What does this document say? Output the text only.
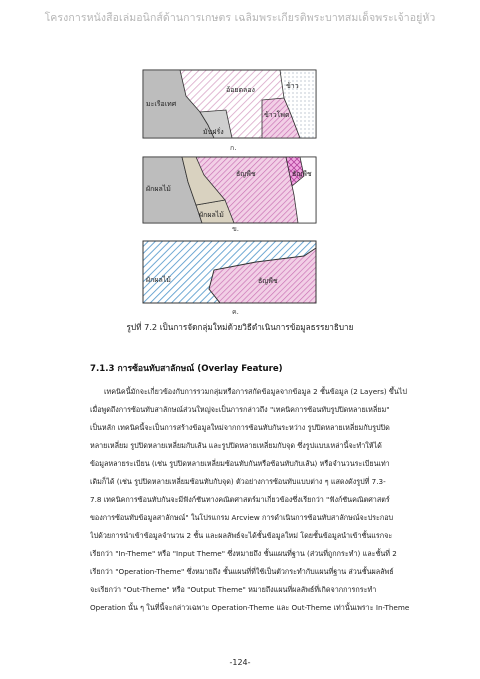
โครงการหนังสือเล่มอนิกส์ด้านการเกษตร เฉลิมพระเกียรติพระบาทสมเด็จพระเจ้าอยู่หัว
อ้อยตลอง	ข้าว
มะเรือเทศ
ข้าวโพด
มันฝรั่ง
ก.
ธัญพืช	ธัญพืช
ผักผลไม้
ผักผลไม้
ข.
ผักผลไม้	ธัญพืช
ค.
รูปที่ 7.2 เป็นการจัดกลุ่มใหม่ด้วยวิธีดำเนินการข้อมูลธรรยาธิบาย
7.1.3 การซ้อนทับสาลักษณ์ (Overlay Feature)
เทคนิคนี้มักจะเกี่ยวข้องกับการรวมกลุ่มหรือการสกัดข้อมูลจากข้อมูล 2 ชั้นข้อมูล (2 Layers) ขึ้นไป
เมื่อพูดถึงการซ้อนทับสาลักษณ์ส่วนใหญ่จะเป็นการกล่าวถึง "เทคนิคการซ้อนทับรูปปิดหลายเหลี่ยม"
เป็นหลัก เทคนิคนี้จะเป็นการสร้างข้อมูลใหม่จากการซ้อนทับกันระหว่าง รูปปิดหลายเหลี่ยมกับรูปปิด
หลายเหลี่ยม รูปปิดหลายเหลี่ยมกับเส้น และรูปปิดหลายเหลี่ยมกับจุด ซึ่งรูปแบบเหล่านี้จะทำให้ได้
ข้อมูลหลายระเบียน (เช่น รูปปิดหลายเหลี่ยมซ้อนทับกันหรือซ้อนทับกับเส้น) หรือจำนวนระเบียนเท่า
เดิมก็ได้ (เช่น รูปปิดหลายเหลี่ยมซ้อนทับกับจุด) ตัวอย่างการซ้อนทับแบบต่าง ๆ แสดงดังรูปที่ 7.3-
7.8 เทคนิคการซ้อนทับกันจะมีฟังก์ชันทางคณิตศาสตร์มาเกี่ยวข้องซึ่งเรียกว่า "ฟังก์ชันคณิตศาสตร์
ของการซ้อนทับข้อมูลสาลักษณ์" ในโปรแกรม Arcview การดำเนินการซ้อนทับสาลักษณ์จะประกอบ
ไปด้วยการนำเข้าข้อมูลจำนวน 2 ชั้น และผลลัพธ์จะได้ชั้นข้อมูลใหม่ โดยชั้นข้อมูลนำเข้าชั้นแรกจะ
เรียกว่า "In-Theme" หรือ "Input Theme" ซึ่งหมายถึง ชั้นแผนที่ฐาน (ส่วนที่ถูกกระทำ) และชั้นที่ 2
เรียกว่า "Operation-Theme" ซึ่งหมายถึง ชั้นแผนที่ที่ใช้เป็นตัวกระทำกับแผนที่ฐาน ส่วนชั้นผลลัพธ์
จะเรียกว่า "Out-Theme" หรือ "Output Theme" หมายถึงแผนที่ผลลัพธ์ที่เกิดจากการกระทำ
Operation นั้น ๆ ในที่นี้จะกล่าวเฉพาะ Operation-Theme และ Out-Theme เท่านั้นเพราะ In-Theme
-124-
